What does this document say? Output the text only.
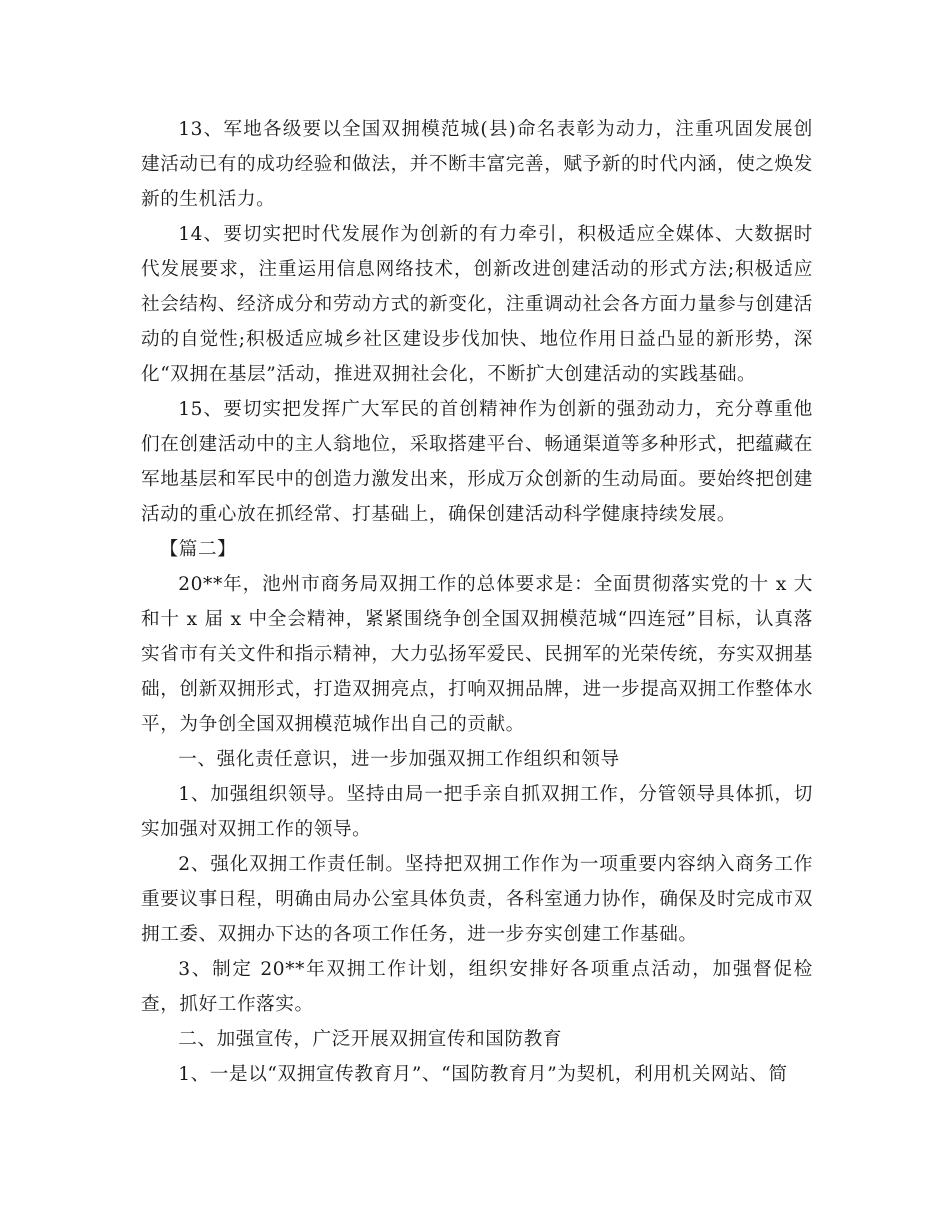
13、军地各级要以全国双拥模范城(县)命名表彰为动力，注重巩固发展创建活动已有的成功经验和做法，并不断丰富完善，赋予新的时代内涵，使之焕发新的生机活力。

14、要切实把时代发展作为创新的有力牵引，积极适应全媒体、大数据时代发展要求，注重运用信息网络技术，创新改进创建活动的形式方法;积极适应社会结构、经济成分和劳动方式的新变化，注重调动社会各方面力量参与创建活动的自觉性;积极适应城乡社区建设步伐加快、地位作用日益凸显的新形势，深化“双拥在基层”活动，推进双拥社会化，不断扩大创建活动的实践基础。

15、要切实把发挥广大军民的首创精神作为创新的强劲动力，充分尊重他们在创建活动中的主人翁地位，采取搭建平台、畅通渠道等多种形式，把蕴藏在军地基层和军民中的创造力激发出来，形成万众创新的生动局面。要始终把创建活动的重心放在抓经常、打基础上，确保创建活动科学健康持续发展。

【篇二】

20**年，池州市商务局双拥工作的总体要求是：全面贯彻落实党的十 x 大和十 x 届 x 中全会精神，紧紧围绕争创全国双拥模范城“四连冠”目标，认真落实省市有关文件和指示精神，大力弘扬军爱民、民拥军的光荣传统，夯实双拥基础，创新双拥形式，打造双拥亮点，打响双拥品牌，进一步提高双拥工作整体水平，为争创全国双拥模范城作出自己的贡献。

一、强化责任意识，进一步加强双拥工作组织和领导

1、加强组织领导。坚持由局一把手亲自抓双拥工作，分管领导具体抓，切实加强对双拥工作的领导。

2、强化双拥工作责任制。坚持把双拥工作作为一项重要内容纳入商务工作重要议事日程，明确由局办公室具体负责，各科室通力协作，确保及时完成市双拥工委、双拥办下达的各项工作任务，进一步夯实创建工作基础。

3、制定 20**年双拥工作计划，组织安排好各项重点活动，加强督促检查，抓好工作落实。

二、加强宣传，广泛开展双拥宣传和国防教育

1、一是以“双拥宣传教育月”、“国防教育月”为契机，利用机关网站、简
